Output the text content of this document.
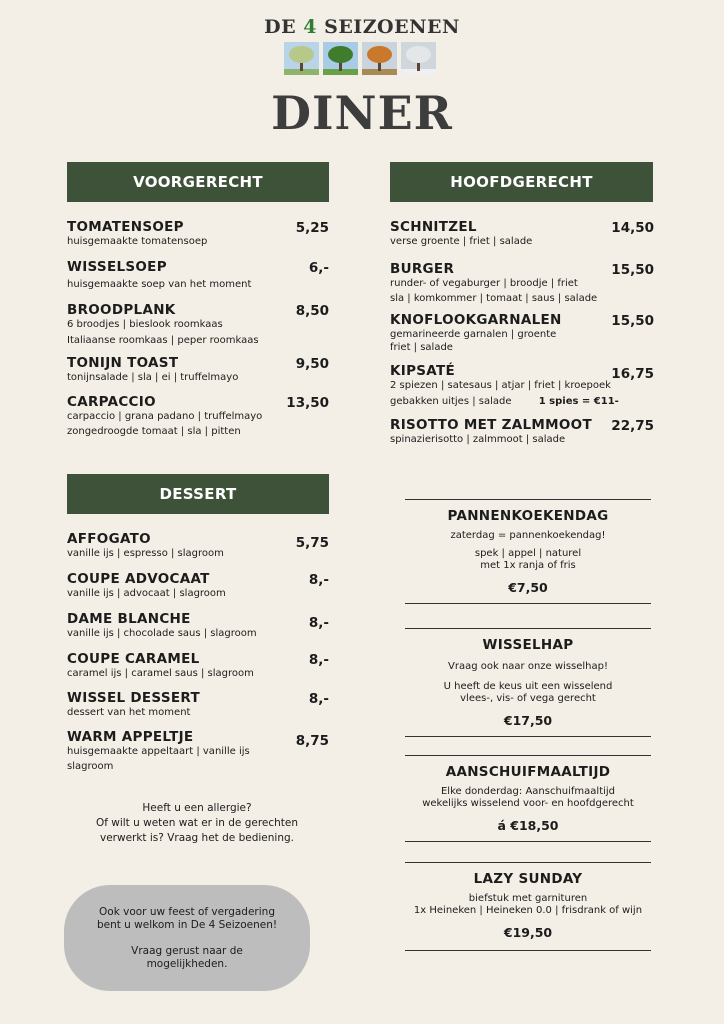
DE 4 SEIZOENEN
DINER
VOORGERECHT	HOOFDGERECHT
DESSERT
TOMATENSOEP	5,25
huisgemaakte tomatensoep
WISSELSOEP	6,-
huisgemaakte soep van het moment
BROODPLANK	8,50
6 broodjes | bieslook roomkaas
Italiaanse roomkaas | peper roomkaas
TONIJN TOAST	9,50
tonijnsalade | sla | ei | truffelmayo
CARPACCIO	13,50
carpaccio | grana padano | truffelmayo
zongedroogde tomaat | sla | pitten
SCHNITZEL	14,50
verse groente | friet | salade
BURGER	15,50
runder- of vegaburger | broodje | friet
sla | komkommer | tomaat | saus | salade
KNOFLOOKGARNALEN	15,50
gemarineerde garnalen | groente
friet | salade
KIPSATÉ	16,75
2 spiezen | satesaus | atjar | friet | kroepoek
gebakken uitjes | salade	1 spies = €11-
RISOTTO MET ZALMMOOT	22,75
spinazierisotto | zalmmoot | salade
AFFOGATO	5,75
vanille ijs | espresso | slagroom
COUPE ADVOCAAT	8,-
vanille ijs | advocaat | slagroom
DAME BLANCHE	8,-
vanille ijs | chocolade saus | slagroom
COUPE CARAMEL	8,-
caramel ijs | caramel saus | slagroom
WISSEL DESSERT	8,-
dessert van het moment
WARM APPELTJE	8,75
huisgemaakte appeltaart | vanille ijs
slagroom
PANNENKOEKENDAG
zaterdag = pannenkoekendag!
spek | appel | naturel
met 1x ranja of fris
€7,50
WISSELHAP
Vraag ook naar onze wisselhap!
U heeft de keus uit een wisselend
vlees-, vis- of vega gerecht
€17,50
AANSCHUIFMAALTIJD
Elke donderdag: Aanschuifmaaltijd
wekelijks wisselend voor- en hoofdgerecht
á €18,50
LAZY SUNDAY
biefstuk met garnituren
1x Heineken | Heineken 0.0 | frisdrank of wijn
€19,50
Heeft u een allergie?
Of wilt u weten wat er in de gerechten
verwerkt is? Vraag het de bediening.
Ook voor uw feest of vergadering
bent u welkom in De 4 Seizoenen!
Vraag gerust naar de
mogelijkheden.
